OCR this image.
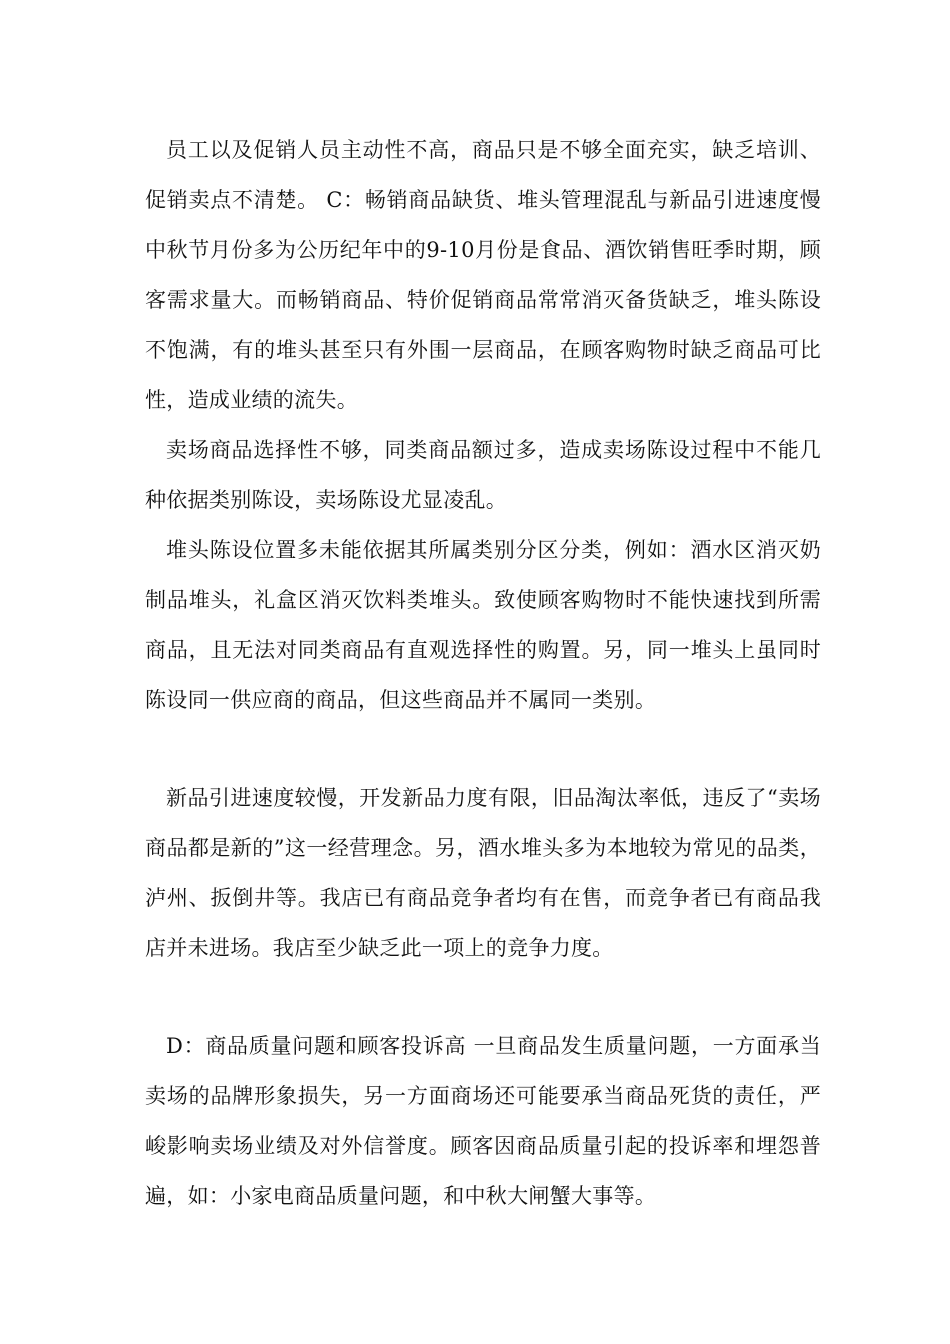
员工以及促销人员主动性不高，商品只是不够全面充实，缺乏培训、促销卖点不清楚。 C：畅销商品缺货、堆头管理混乱与新品引进速度慢 中秋节月份多为公历纪年中的9-10月份是食品、酒饮销售旺季时期，顾客需求量大。而畅销商品、特价促销商品常常消灭备货缺乏，堆头陈设不饱满，有的堆头甚至只有外围一层商品，在顾客购物时缺乏商品可比性，造成业绩的流失。

卖场商品选择性不够，同类商品额过多，造成卖场陈设过程中不能几种依据类别陈设，卖场陈设尤显凌乱。

堆头陈设位置多未能依据其所属类别分区分类，例如：酒水区消灭奶制品堆头，礼盒区消灭饮料类堆头。致使顾客购物时不能快速找到所需商品，且无法对同类商品有直观选择性的购置。另，同一堆头上虽同时陈设同一供应商的商品，但这些商品并不属同一类别。

新品引进速度较慢，开发新品力度有限，旧品淘汰率低，违反了“卖场商品都是新的”这一经营理念。另，酒水堆头多为本地较为常见的品类，泸州、扳倒井等。我店已有商品竞争者均有在售，而竞争者已有商品我店并未进场。我店至少缺乏此一项上的竞争力度。

D：商品质量问题和顾客投诉高 一旦商品发生质量问题，一方面承当卖场的品牌形象损失，另一方面商场还可能要承当商品死货的责任，严峻影响卖场业绩及对外信誉度。顾客因商品质量引起的投诉率和埋怨普遍，如：小家电商品质量问题，和中秋大闸蟹大事等。
